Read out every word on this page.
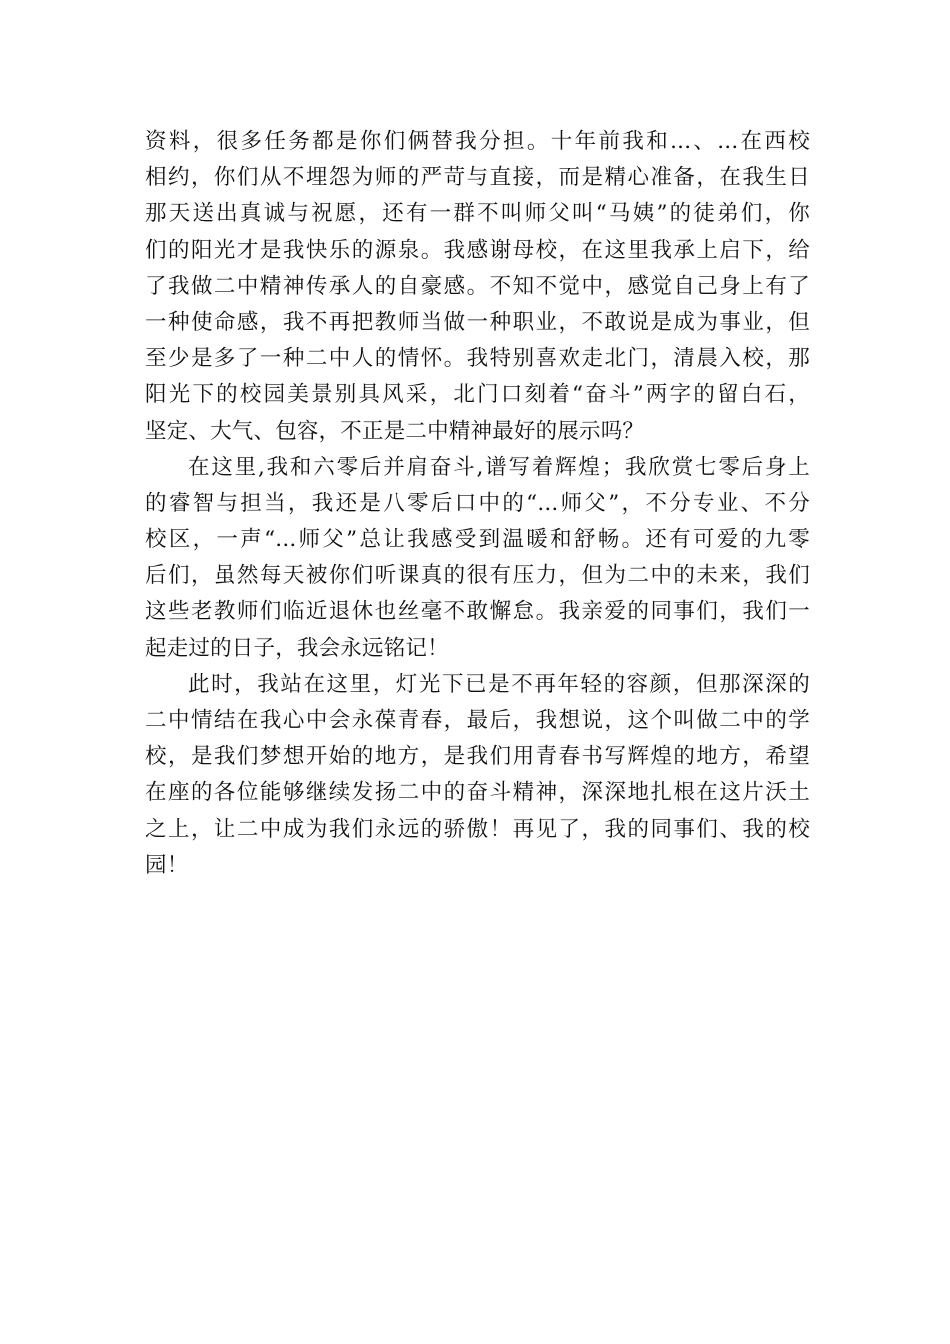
资料，很多任务都是你们俩替我分担。十年前我和...、...在西校
相约，你们从不埋怨为师的严苛与直接，而是精心准备，在我生日
那天送出真诚与祝愿，还有一群不叫师父叫“马姨”的徒弟们，你
们的阳光才是我快乐的源泉。我感谢母校，在这里我承上启下，给
了我做二中精神传承人的自豪感。不知不觉中，感觉自己身上有了
一种使命感，我不再把教师当做一种职业，不敢说是成为事业，但
至少是多了一种二中人的情怀。我特别喜欢走北门，清晨入校，那
阳光下的校园美景别具风采，北门口刻着“奋斗”两字的留白石，
坚定、大气、包容，不正是二中精神最好的展示吗？
在这里,我和六零后并肩奋斗,谱写着辉煌；我欣赏七零后身上
的睿智与担当，我还是八零后口中的“...师父”，不分专业、不分
校区，一声“...师父”总让我感受到温暖和舒畅。还有可爱的九零
后们，虽然每天被你们听课真的很有压力，但为二中的未来，我们
这些老教师们临近退休也丝毫不敢懈怠。我亲爱的同事们，我们一
起走过的日子，我会永远铭记！
此时，我站在这里，灯光下已是不再年轻的容颜，但那深深的
二中情结在我心中会永葆青春，最后，我想说，这个叫做二中的学
校，是我们梦想开始的地方，是我们用青春书写辉煌的地方，希望
在座的各位能够继续发扬二中的奋斗精神，深深地扎根在这片沃土
之上，让二中成为我们永远的骄傲！再见了，我的同事们、我的校
园！
